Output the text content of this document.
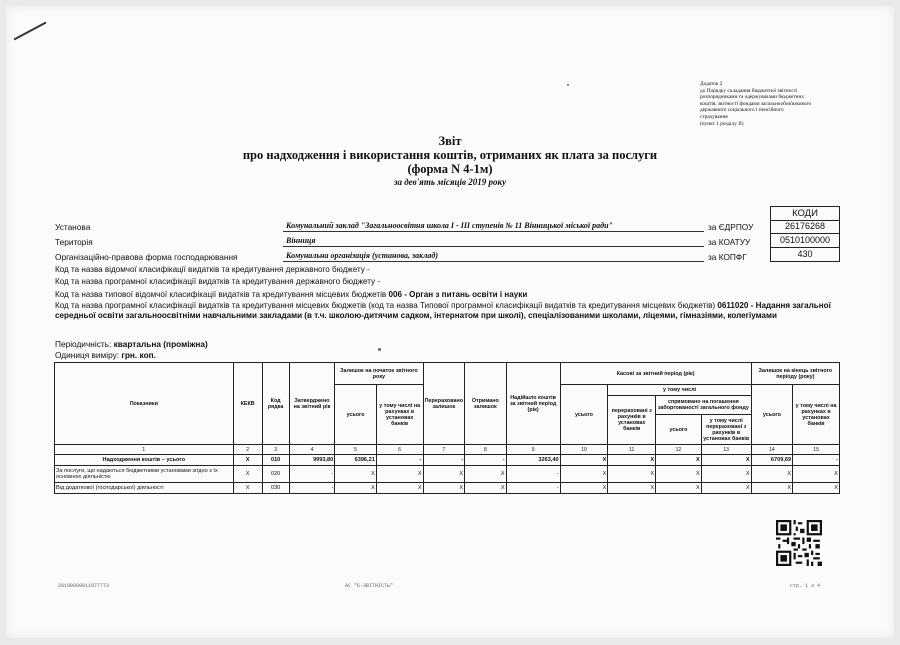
Додаток 2
до Порядку складання бюджетної звітності
розпорядниками та одержувачами бюджетних
коштів, звітності фондами загальнообов'язкового
державного соціального і пенсійного
страхування
(пункт 1 розділу II)
Звіт
про надходження і використання коштів, отриманих як плата за послуги
(форма N 4-1м)
за дев'ять місяців 2019 року
КОДИ
Установа	Комунальний заклад "Загальноосвітня школа І - ІІІ ступенів № 11 Вінницької міської ради"	за ЄДРПОУ	26176268
Територія	Вінниця	за КОАТУУ	0510100000
Організаційно-правова форма господарювання	Комунальна організація (установа, заклад)	за КОПФГ	430
Код та назва відомчої класифікації видатків та кредитування державного бюджету -
Код та назва програмної класифікації видатків та кредитування державного бюджету -
Код та назва типової відомчої класифікації видатків та кредитування місцевих бюджетів 006 - Орган з питань освіти і науки
Код та назва програмної класифікації видатків та кредитування місцевих бюджетів (код та назва Типової програмної класифікації видатків та кредитування місцевих бюджетів) 0611020 - Надання загальної середньої освіти загальноосвітніми навчальними закладами (в т.ч. школою-дитячим садком, інтернатом при школі), спеціалізованими школами, ліцеями, гімназіями, колегіумами
Періодичність: квартальна (проміжна)
Одиниця виміру: грн. коп.
Показники	КЕКВ	Код рядка	Затверджено на звітний рік	Залишок на початок звітного року		Перераховано залишок	Отримано залишок	Надійшло коштів за звітний період (рік)	Касові за звітний період (рік)				Залишок на кінець звітного періоду (року)	
				усього	у тому числі на рахунках в установах банків				усього	у тому числі			усього	у тому числі на рахунках в установах банків
										перераховані з рахунків в установах банків	спрямовано на погашення заборгованості загального фонду			
											усього	у тому числі перераховані з рахунків в установах банків		
1	2	3	4	5	6	7	8	9	10	11	12	13	14	15
Надходження коштів – усього	X	010	9993,80	6396,21	-	-	-	3263,40	X	X	X	X	6709,69	-
За послуги, що надаються бюджетними установами згідно з їх основною діяльністю	X	020	-	X	X	X	X	-	X	X	X	X	X	X
Від додаткової (господарської) діяльності	X	030	-	X	X	X	X	-	X	X	X	X	X	X
20190000011977773	АС "Є-ЗВІТНІСТЬ"	стр. 1 з 4
